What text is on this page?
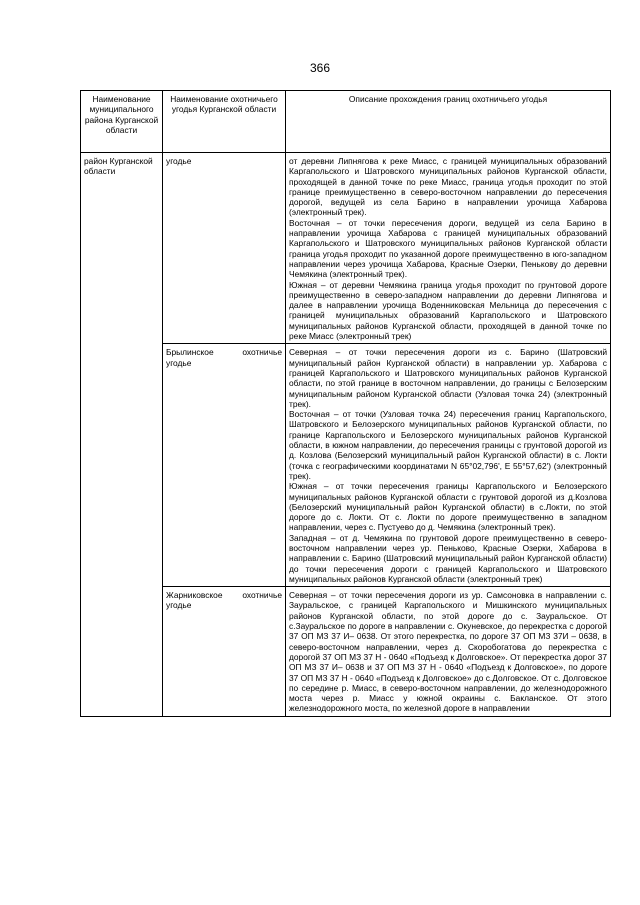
366
Наименование муниципального района Курганской области	Наименование охотничьего угодья Курганской области	Описание прохождения границ охотничьего угодья

район Курганской области	угодье	от деревни Липнягова к реке Миасс, с границей муниципальных образований Каргапольского и Шатровского муниципальных районов Курганской области, проходящей в данной точке по реке Миасс, граница угодья проходит по этой границе преимущественно в северо-восточном направлении до пересечения дорогой, ведущей из села Барино в направлении урочища Хабарова (электронный трек).

Восточная – от точки пересечения дороги, ведущей из села Барино в направлении урочища Хабарова с границей муниципальных образований Каргапольского и Шатровского муниципальных районов Курганской области граница угодья проходит по указанной дороге преимущественно в юго-западном направлении через урочища Хабарова, Красные Озерки, Пенькову до деревни Чемякина (электронный трек).

Южная – от деревни Чемякина граница угодья проходит по грунтовой дороге преимущественно в северо-западном направлении до деревни Липнягова и далее в направлении урочища Воденниковская Мельница до пересечения с границей муниципальных образований Каргапольского и Шатровского муниципальных районов Курганской области, проходящей в данной точке по реке Миасс (электронный трек)

	Брылинское охотничье угодье	Северная – от точки пересечения дороги из с. Барино (Шатровский муниципальный район Курганской области) в направлении ур. Хабарова с границей Каргапольского и Шатровского муниципальных районов Курганской области, по этой границе в восточном направлении, до границы с Белозерским муниципальным районом Курганской области (Узловая точка 24) (электронный трек).

Восточная – от точки (Узловая точка 24) пересечения границ Каргапольского, Шатровского и Белозерского муниципальных районов Курганской области, по границе Каргапольского и Белозерского муниципальных районов Курганской области, в южном направлении, до пересечения границы с грунтовой дорогой из д. Козлова (Белозерский муниципальный район Курганской области) в с. Локти (точка с географическими координатами N 65°02,796', E 55°57,62') (электронный трек).

Южная – от точки пересечения границы Каргапольского и Белозерского муниципальных районов Курганской области с грунтовой дорогой из д.Козлова (Белозерский муниципальный район Курганской области) в с.Локти, по этой дороге до с. Локти. От с. Локти по дороге преимущественно в западном направлении, через с. Пустуево до д. Чемякина (электронный трек).

Западная – от д. Чемякина по грунтовой дороге преимущественно в северо-восточном направлении через ур. Пеньково, Красные Озерки, Хабарова в направлении с. Барино (Шатровский муниципальный район Курганской области) до точки пересечения дороги с границей Каргапольского и Шатровского муниципальных районов Курганской области (электронный трек)

	Жарниковское охотничье угодье	Северная – от точки пересечения дороги из ур. Самсоновка в направлении с. Зауральское, с границей Каргапольского и Мишкинского муниципальных районов Курганской области, по этой дороге до с. Зауральское. От с.Зауральское по дороге в направлении с. Окуневское, до перекрестка с дорогой 37 ОП МЗ 37 И– 0638. От этого перекрестка, по дороге 37 ОП МЗ 37И – 0638, в северо-восточном направлении, через д. Скоробогатова до перекрестка с дорогой 37 ОП МЗ 37 Н - 0640 «Подъезд к Долговское». От перекрестка дорог 37 ОП МЗ 37 И– 0638 и 37 ОП МЗ 37 Н - 0640 «Подъезд к Долговское», по дороге 37 ОП МЗ 37 Н - 0640 «Подъезд к Долговское» до с.Долговское. От с. Долговское по середине р. Миасс, в северо-восточном направлении, до железнодорожного моста через р. Миасс у южной окраины с. Бакланское. От этого железнодорожного моста, по железной дороге в направлении
